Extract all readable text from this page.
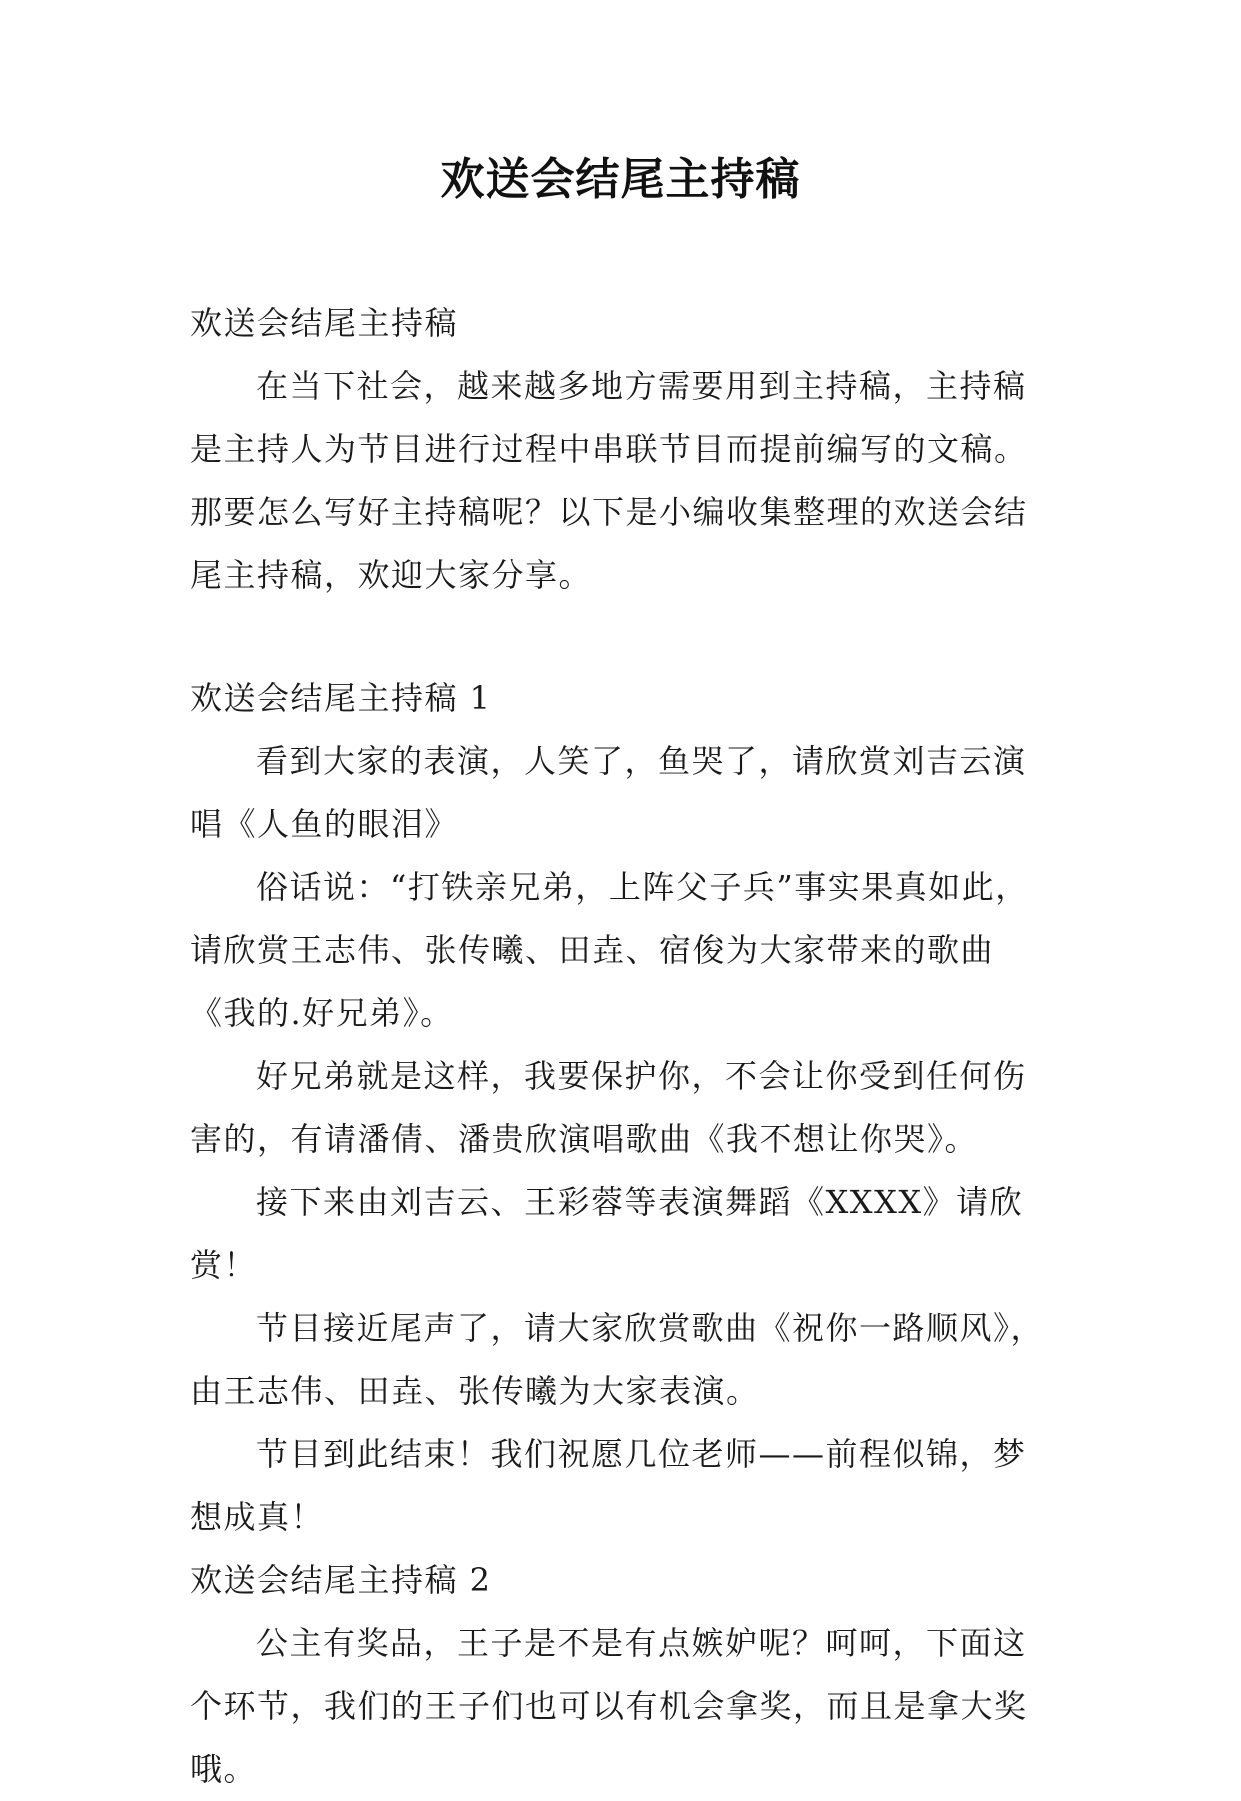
欢送会结尾主持稿

欢送会结尾主持稿

在当下社会，越来越多地方需要用到主持稿，主持稿是主持人为节目进行过程中串联节目而提前编写的文稿。那要怎么写好主持稿呢？以下是小编收集整理的欢送会结尾主持稿，欢迎大家分享。

欢送会结尾主持稿 1

看到大家的表演，人笑了，鱼哭了，请欣赏刘吉云演唱《人鱼的眼泪》

俗话说：“打铁亲兄弟，上阵父子兵”事实果真如此，请欣赏王志伟、张传曦、田垚、宿俊为大家带来的歌曲《我的.好兄弟》。

好兄弟就是这样，我要保护你，不会让你受到任何伤害的，有请潘倩、潘贵欣演唱歌曲《我不想让你哭》。

接下来由刘吉云、王彩蓉等表演舞蹈《XXXX》请欣赏！

节目接近尾声了，请大家欣赏歌曲《祝你一路顺风》，由王志伟、田垚、张传曦为大家表演。

节目到此结束！我们祝愿几位老师——前程似锦，梦想成真！

欢送会结尾主持稿 2

公主有奖品，王子是不是有点嫉妒呢？呵呵，下面这个环节，我们的王子们也可以有机会拿奖，而且是拿大奖哦。
